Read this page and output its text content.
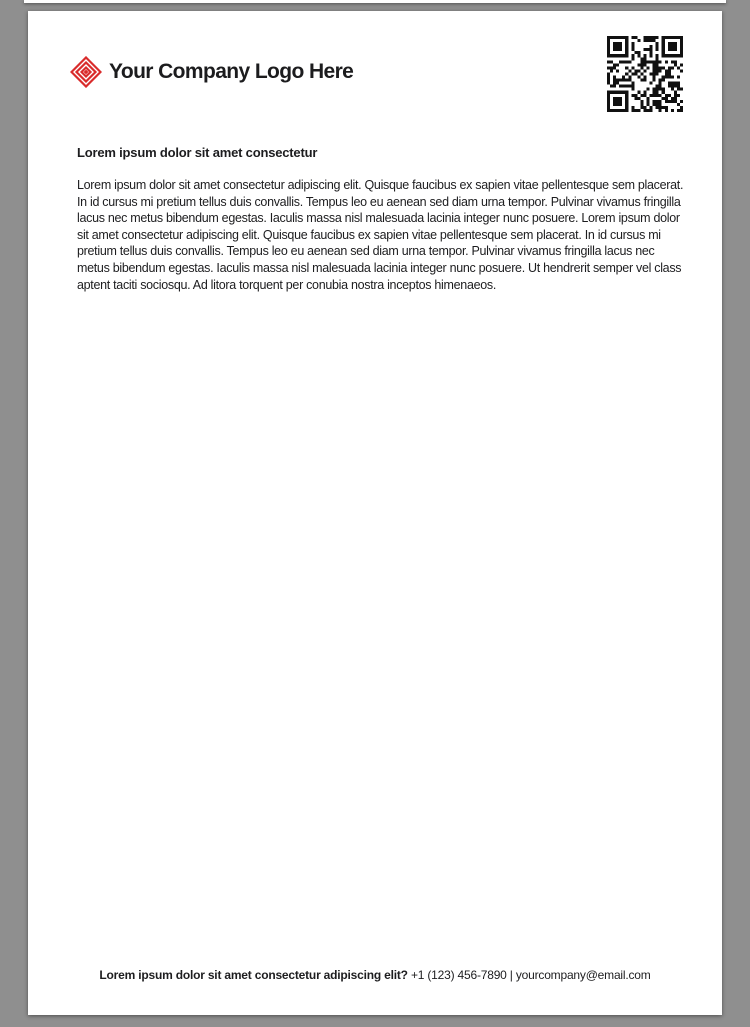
Your Company Logo Here
Lorem ipsum dolor sit amet consectetur

Lorem ipsum dolor sit amet consectetur adipiscing elit. Quisque faucibus ex sapien vitae pellentesque sem placerat. In id cursus mi pretium tellus duis convallis. Tempus leo eu aenean sed diam urna tempor. Pulvinar vivamus fringilla lacus nec metus bibendum egestas. Iaculis massa nisl malesuada lacinia integer nunc posuere. Lorem ipsum dolor sit amet consectetur adipiscing elit. Quisque faucibus ex sapien vitae pellentesque sem placerat. In id cursus mi pretium tellus duis convallis. Tempus leo eu aenean sed diam urna tempor. Pulvinar vivamus fringilla lacus nec metus bibendum egestas. Iaculis massa nisl malesuada lacinia integer nunc posuere. Ut hendrerit semper vel class aptent taciti sociosqu. Ad litora torquent per conubia nostra inceptos himenaeos.

Lorem ipsum dolor sit amet consectetur adipiscing elit? +1 (123) 456-7890 | yourcompany@email.com
